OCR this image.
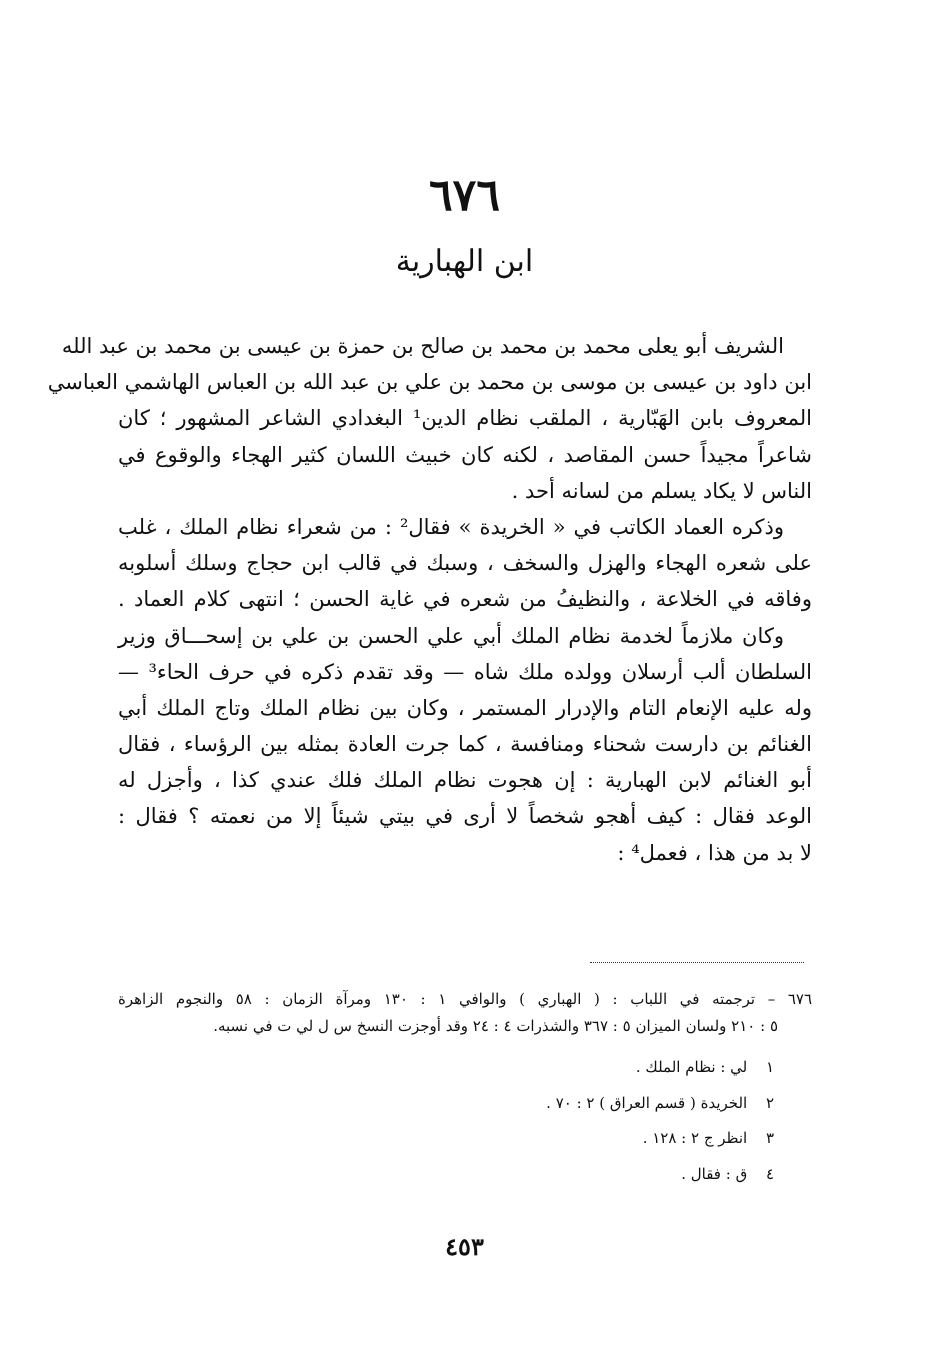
٦٧٦
ابن الهبارية
الشريف أبو يعلى محمد بن محمد بن صالح بن حمزة بن عيسى بن محمد بن عبد الله
ابن داود بن عيسى بن موسى بن محمد بن علي بن عبد الله بن العباس الهاشمي العباسي
المعروف بابن الهَبّارية ، الملقب نظام الدين¹ البغدادي الشاعر المشهور ؛ كان
شاعراً مجيداً حسن المقاصد ، لكنه كان خبيث اللسان كثير الهجاء والوقوع في
الناس لا يكاد يسلم من لسانه أحد .
وذكره العماد الكاتب في « الخريدة » فقال² : من شعراء نظام الملك ، غلب
على شعره الهجاء والهزل والسخف ، وسبك في قالب ابن حجاج وسلك أسلوبه
وفاقه في الخلاعة ، والنظيفُ من شعره في غاية الحسن ؛ انتهى كلام العماد .
وكان ملازماً لخدمة نظام الملك أبي علي الحسن بن علي بن إسحـــاق وزير
السلطان ألب أرسلان وولده ملك شاه — وقد تقدم ذكره في حرف الحاء³ —
وله عليه الإنعام التام والإدرار المستمر ، وكان بين نظام الملك وتاج الملك أبي
الغنائم بن دارست شحناء ومنافسة ، كما جرت العادة بمثله بين الرؤساء ، فقال
أبو الغنائم لابن الهبارية : إن هجوت نظام الملك فلك عندي كذا ، وأجزل له
الوعد فقال : كيف أهجو شخصاً لا أرى في بيتي شيئاً إلا من نعمته ؟ فقال :
لا بد من هذا ، فعمل⁴ :
٦٧٦ – ترجمته في اللباب : ( الهباري ) والوافي ١ : ١٣٠ ومرآة الزمان : ٥٨ والنجوم الزاهرة
٥ : ٢١٠ ولسان الميزان ٥ : ٣٦٧ والشذرات ٤ : ٢٤ وقد أوجزت النسخ س ل لي ت في نسبه.
١ لي : نظام الملك .
٢ الخريدة ( قسم العراق ) ٢ : ٧٠ .
٣ انظر ج ٢ : ١٢٨ .
٤ ق : فقال .
٤٥٣
